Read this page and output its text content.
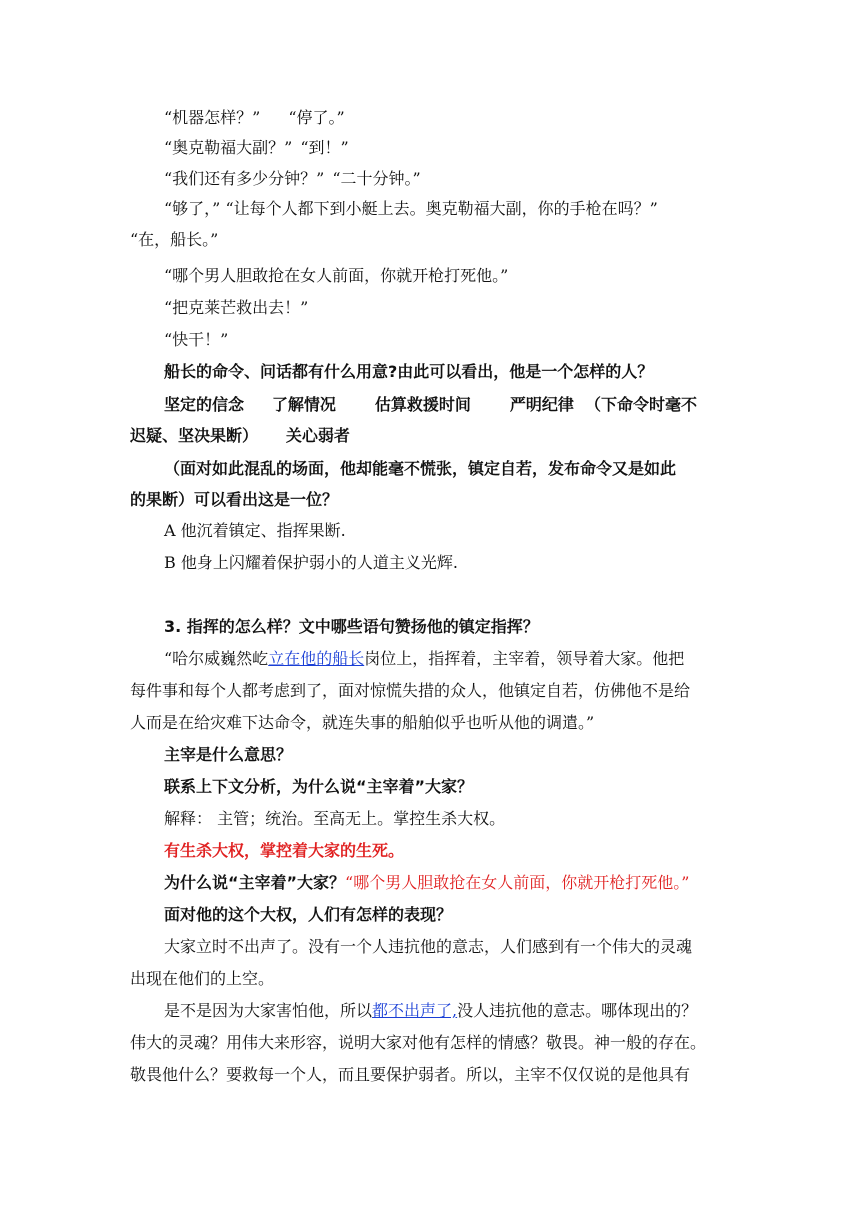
“机器怎样？” “停了。”
“奥克勒福大副？” “到！”
“我们还有多少分钟？” “二十分钟。”
“够了，” “让每个人都下到小艇上去。奥克勒福大副，你的手枪在吗？”
“在，船长。”
“哪个男人胆敢抢在女人前面，你就开枪打死他。”
“把克莱芒救出去！”
“快干！”
船长的命令、问话都有什么用意?由此可以看出，他是一个怎样的人？
坚定的信念     了解情况       估算救援时间       严明纪律  （下命令时毫不
迟疑、坚决果断）     关心弱者
（面对如此混乱的场面，他却能毫不慌张，镇定自若，发布命令又是如此
的果断）可以看出这是一位？
A 他沉着镇定、指挥果断.
B 他身上闪耀着保护弱小的人道主义光辉.
3. 指挥的怎么样？文中哪些语句赞扬他的镇定指挥？
“哈尔威巍然屹立在他的船长岗位上，指挥着，主宰着，领导着大家。他把
每件事和每个人都考虑到了，面对惊慌失措的众人，他镇定自若，仿佛他不是给
人而是在给灾难下达命令，就连失事的船舶似乎也听从他的调遣。”
主宰是什么意思？
联系上下文分析，为什么说“主宰着”大家？
解释： 主管；统治。至高无上。掌控生杀大权。
有生杀大权，掌控着大家的生死。
为什么说“主宰着”大家？“哪个男人胆敢抢在女人前面，你就开枪打死他。”
面对他的这个大权，人们有怎样的表现？
大家立时不出声了。没有一个人违抗他的意志，人们感到有一个伟大的灵魂
出现在他们的上空。
是不是因为大家害怕他，所以都不出声了,没人违抗他的意志。哪体现出的？
伟大的灵魂？用伟大来形容，说明大家对他有怎样的情感？敬畏。神一般的存在。
敬畏他什么？要救每一个人，而且要保护弱者。所以，主宰不仅仅说的是他具有
